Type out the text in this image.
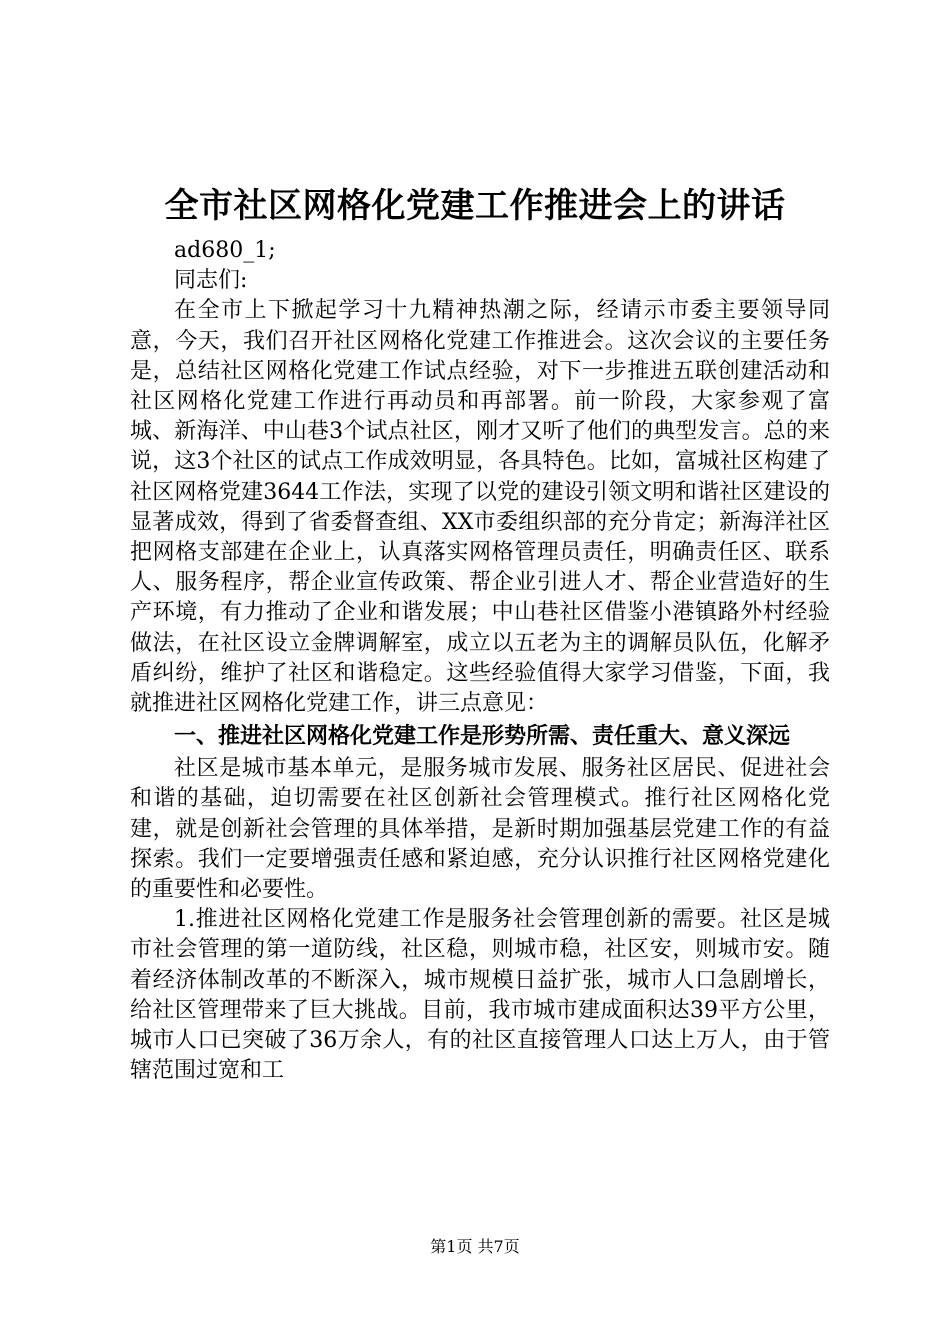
全市社区网格化党建工作推进会上的讲话

ad680_1;

同志们:

在全市上下掀起学习十九精神热潮之际，经请示市委主要领导同意，今天，我们召开社区网格化党建工作推进会。这次会议的主要任务是，总结社区网格化党建工作试点经验，对下一步推进五联创建活动和社区网格化党建工作进行再动员和再部署。前一阶段，大家参观了富城、新海洋、中山巷3个试点社区，刚才又听了他们的典型发言。总的来说，这3个社区的试点工作成效明显，各具特色。比如，富城社区构建了社区网格党建3644工作法，实现了以党的建设引领文明和谐社区建设的显著成效，得到了省委督查组、XX市委组织部的充分肯定；新海洋社区把网格支部建在企业上，认真落实网格管理员责任，明确责任区、联系人、服务程序，帮企业宣传政策、帮企业引进人才、帮企业营造好的生产环境，有力推动了企业和谐发展；中山巷社区借鉴小港镇路外村经验做法，在社区设立金牌调解室，成立以五老为主的调解员队伍，化解矛盾纠纷，维护了社区和谐稳定。这些经验值得大家学习借鉴，下面，我就推进社区网格化党建工作，讲三点意见：

一、推进社区网格化党建工作是形势所需、责任重大、意义深远

社区是城市基本单元，是服务城市发展、服务社区居民、促进社会和谐的基础，迫切需要在社区创新社会管理模式。推行社区网格化党建，就是创新社会管理的具体举措，是新时期加强基层党建工作的有益探索。我们一定要增强责任感和紧迫感，充分认识推行社区网格党建化的重要性和必要性。

1.推进社区网格化党建工作是服务社会管理创新的需要。社区是城市社会管理的第一道防线，社区稳，则城市稳，社区安，则城市安。随着经济体制改革的不断深入，城市规模日益扩张，城市人口急剧增长，给社区管理带来了巨大挑战。目前，我市城市建成面积达39平方公里，城市人口已突破了36万余人，有的社区直接管理人口达上万人，由于管辖范围过宽和工

第1页 共7页
